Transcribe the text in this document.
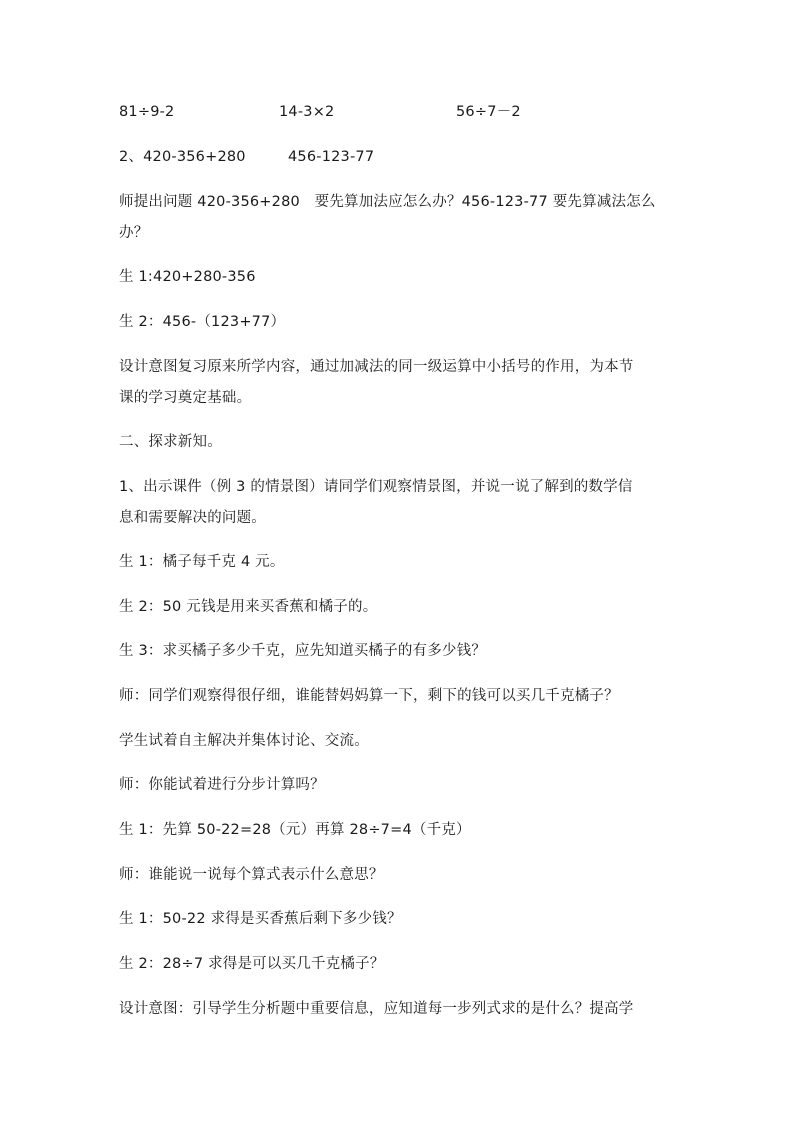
81÷9-2	14-3×2	56÷7－2
2、420-356+280	456-123-77
师提出问题 420-356+280　要先算加法应怎么办？456-123-77 要先算减法怎么
办？
生 1:420+280-356
生 2：456-（123+77）
设计意图复习原来所学内容，通过加减法的同一级运算中小括号的作用，为本节
课的学习奠定基础。
二、探求新知。
1、出示课件（例 3 的情景图）请同学们观察情景图，并说一说了解到的数学信
息和需要解决的问题。
生 1：橘子每千克 4 元。
生 2：50 元钱是用来买香蕉和橘子的。
生 3：求买橘子多少千克，应先知道买橘子的有多少钱？
师：同学们观察得很仔细，谁能替妈妈算一下，剩下的钱可以买几千克橘子？
学生试着自主解决并集体讨论、交流。
师：你能试着进行分步计算吗？
生 1：先算 50-22=28（元）再算 28÷7=4（千克）
师：谁能说一说每个算式表示什么意思？
生 1：50-22 求得是买香蕉后剩下多少钱？
生 2：28÷7 求得是可以买几千克橘子？
设计意图：引导学生分析题中重要信息，应知道每一步列式求的是什么？提高学
